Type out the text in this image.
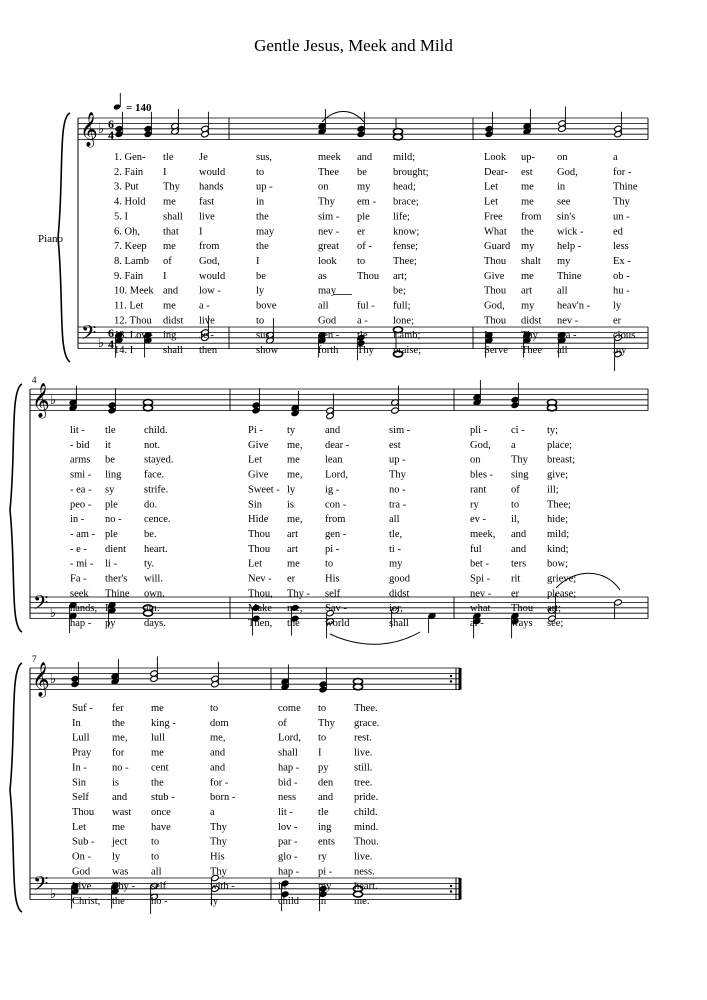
Gentle Jesus, Meek and Mild
Piano
= 140
𝄞
𝄢
♭
♭
6
4
6
4
𝄞
𝄢
♭
♭
4
𝄞
𝄢
♭
♭
7
1. Gen- tle Je	sus,	meek and mild;	Look up- on	a
2. Fain I	would	to	Thee be brought;	Dear- est God,	for -
3. Put Thy hands	up -	on	my head;	Let me in	Thine
4. Hold me fast	in	Thy em - brace;	Let me see	Thy
5. I	shall live	the	sim - ple life;	Free from sin's	un -
6. Oh, that I	may	nev - er	know;	What the wick -	ed
7. Keep me from	the	great of - fense;	Guard my help -	less
8. Lamb of	God,	I	look to	Thee;	Thou shalt my	Ex -
9. Fain I	would	be	as	Thou art;	Give me Thine	ob -
10. Meek and low -	ly	may	be;	Thou art all	hu -
11. Let me a -	bove	all	ful - full;	God, my heav'n - ly
12. Thou didst live	to	God a - lone;	Thou didst nev -	er
13. Lov - ing Je -	sus,	gen - tle Lamb;	In	Thy gra -	cious
14. I	shall then	show	forth Thy praise;	Serve Thee all	my
lit - tle	child.	Pi - ty	and	sim -	pli - ci - ty;
- bid it	not.	Give me, dear -	est	God, a	place;
arms be	stayed.	Let me lean	up -	on	Thy breast;
smi - ling face.	Give me, Lord,	Thy	bles - sing give;
- ea - sy	strife.	Sweet - ly	ig -	no -	rant of	ill;
peo - ple do.	Sin is	con -	tra -	ry	to	Thee;
in - no - cence.	Hide me, from	all	ev - il,	hide;
- am - ple be.	Thou art	gen -	tle,	meek, and mild;
- e - dient heart.	Thou art	pi -	ti -	ful	and kind;
- mi - li -	ty.	Let me to	my	bet - ters bow;
Fa - ther's will.	Nev - er	His	good	Spi - rit	grieve;
seek Thine own.	Thou, Thy - self	didst	nev - er	please;
hands, I	am.	Make me, Sav -	ior,	what Thou art;
hap - py	days.	Then, the world	shall	al -	ways see;
Suf - fer	me	to	come to	Thee.
In	the king -	dom	of	Thy grace.
Lull me, lull	me,	Lord, to	rest.
Pray for	me	and	shall I	live.
In - no - cent	and	hap - py still.
Sin is	the	for -	bid - den tree.
Self and stub -	born -	ness and pride.
Thou wast once	a	lit - tle child.
Let me have	Thy	lov - ing mind.
Sub - ject to	Thy	par - ents Thou.
On - ly	to	His	glo - ry	live.
God was all	Thy	hap - pi - ness.
Live Thy - self	with -	in	my heart.
Christ, the ho -	ly	child in	me.
